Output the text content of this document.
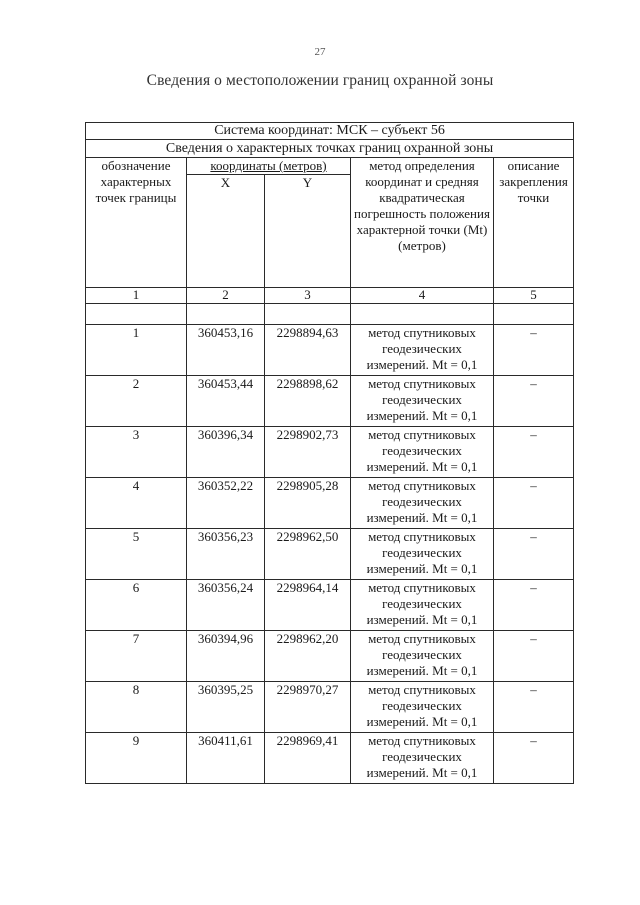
27
Сведения о местоположении границ охранной зоны
Система координат: МСК – субъект 56				
Сведения о характерных точках границ охранной зоны				
обозначение характерных точек границы	координаты (метров)		метод определения координат и средняя квадратическая погрешность положения характерной точки (Mt) (метров)	описание закрепления точки
	X	Y		
1	2	3	4	5

1	360453,16	2298894,63	метод спутниковых геодезических измерений. Mt = 0,1	–
2	360453,44	2298898,62	метод спутниковых геодезических измерений. Mt = 0,1	–
3	360396,34	2298902,73	метод спутниковых геодезических измерений. Mt = 0,1	–
4	360352,22	2298905,28	метод спутниковых геодезических измерений. Mt = 0,1	–
5	360356,23	2298962,50	метод спутниковых геодезических измерений. Mt = 0,1	–
6	360356,24	2298964,14	метод спутниковых геодезических измерений. Mt = 0,1	–
7	360394,96	2298962,20	метод спутниковых геодезических измерений. Mt = 0,1	–
8	360395,25	2298970,27	метод спутниковых геодезических измерений. Mt = 0,1	–
9	360411,61	2298969,41	метод спутниковых геодезических измерений. Mt = 0,1	–
